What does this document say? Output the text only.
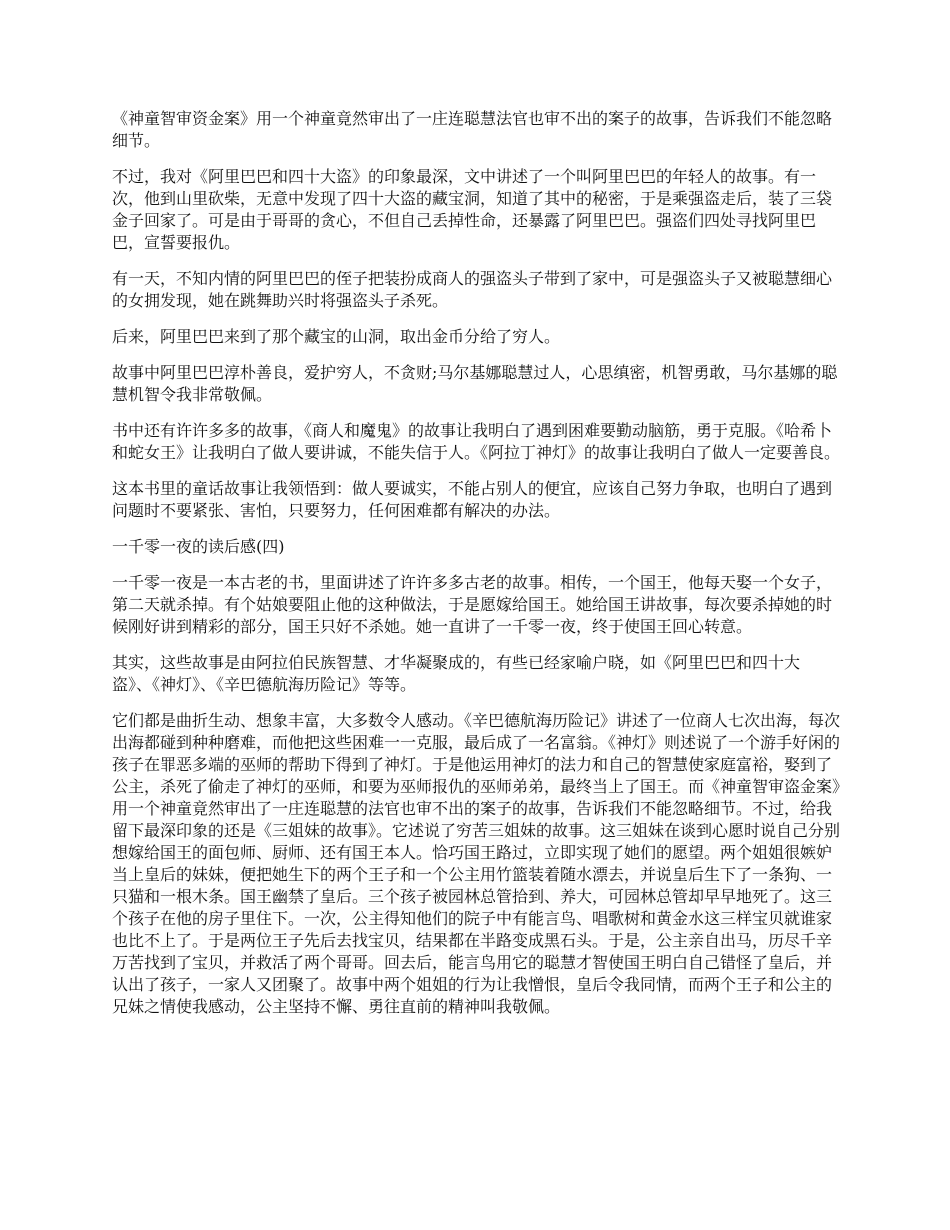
《神童智审资金案》用一个神童竟然审出了一庄连聪慧法官也审不出的案子的故事，告诉我们不能忽略细节。

不过，我对《阿里巴巴和四十大盗》的印象最深，文中讲述了一个叫阿里巴巴的年轻人的故事。有一次，他到山里砍柴，无意中发现了四十大盗的藏宝洞，知道了其中的秘密，于是乘强盗走后，装了三袋金子回家了。可是由于哥哥的贪心，不但自己丢掉性命，还暴露了阿里巴巴。强盗们四处寻找阿里巴巴，宣誓要报仇。

有一天，不知内情的阿里巴巴的侄子把装扮成商人的强盗头子带到了家中，可是强盗头子又被聪慧细心的女拥发现，她在跳舞助兴时将强盗头子杀死。

后来，阿里巴巴来到了那个藏宝的山洞，取出金币分给了穷人。

故事中阿里巴巴淳朴善良，爱护穷人，不贪财;马尔基娜聪慧过人，心思缜密，机智勇敢，马尔基娜的聪慧机智令我非常敬佩。

书中还有许许多多的故事，《商人和魔鬼》的故事让我明白了遇到困难要勤动脑筋，勇于克服。《哈希卜和蛇女王》让我明白了做人要讲诚，不能失信于人。《阿拉丁神灯》的故事让我明白了做人一定要善良。

这本书里的童话故事让我领悟到：做人要诚实，不能占别人的便宜，应该自己努力争取，也明白了遇到问题时不要紧张、害怕，只要努力，任何困难都有解决的办法。

一千零一夜的读后感(四)

一千零一夜是一本古老的书，里面讲述了许许多多古老的故事。相传，一个国王，他每天娶一个女子，第二天就杀掉。有个姑娘要阻止他的这种做法，于是愿嫁给国王。她给国王讲故事，每次要杀掉她的时候刚好讲到精彩的部分，国王只好不杀她。她一直讲了一千零一夜，终于使国王回心转意。

其实，这些故事是由阿拉伯民族智慧、才华凝聚成的，有些已经家喻户晓，如《阿里巴巴和四十大盗》、《神灯》、《辛巴德航海历险记》等等。

它们都是曲折生动、想象丰富，大多数令人感动。《辛巴德航海历险记》讲述了一位商人七次出海，每次出海都碰到种种磨难，而他把这些困难一一克服，最后成了一名富翁。《神灯》则述说了一个游手好闲的孩子在罪恶多端的巫师的帮助下得到了神灯。于是他运用神灯的法力和自己的智慧使家庭富裕，娶到了公主，杀死了偷走了神灯的巫师，和要为巫师报仇的巫师弟弟，最终当上了国王。而《神童智审盗金案》用一个神童竟然审出了一庄连聪慧的法官也审不出的案子的故事，告诉我们不能忽略细节。不过，给我留下最深印象的还是《三姐妹的故事》。它述说了穷苦三姐妹的故事。这三姐妹在谈到心愿时说自己分别想嫁给国王的面包师、厨师、还有国王本人。恰巧国王路过，立即实现了她们的愿望。两个姐姐很嫉妒当上皇后的妹妹，便把她生下的两个王子和一个公主用竹篮装着随水漂去，并说皇后生下了一条狗、一只猫和一根木条。国王幽禁了皇后。三个孩子被园林总管拾到、养大，可园林总管却早早地死了。这三个孩子在他的房子里住下。一次，公主得知他们的院子中有能言鸟、唱歌树和黄金水这三样宝贝就谁家也比不上了。于是两位王子先后去找宝贝，结果都在半路变成黑石头。于是，公主亲自出马，历尽千辛万苦找到了宝贝，并救活了两个哥哥。回去后，能言鸟用它的聪慧才智使国王明白自己错怪了皇后，并认出了孩子，一家人又团聚了。故事中两个姐姐的行为让我憎恨，皇后令我同情，而两个王子和公主的兄妹之情使我感动，公主坚持不懈、勇往直前的精神叫我敬佩。
